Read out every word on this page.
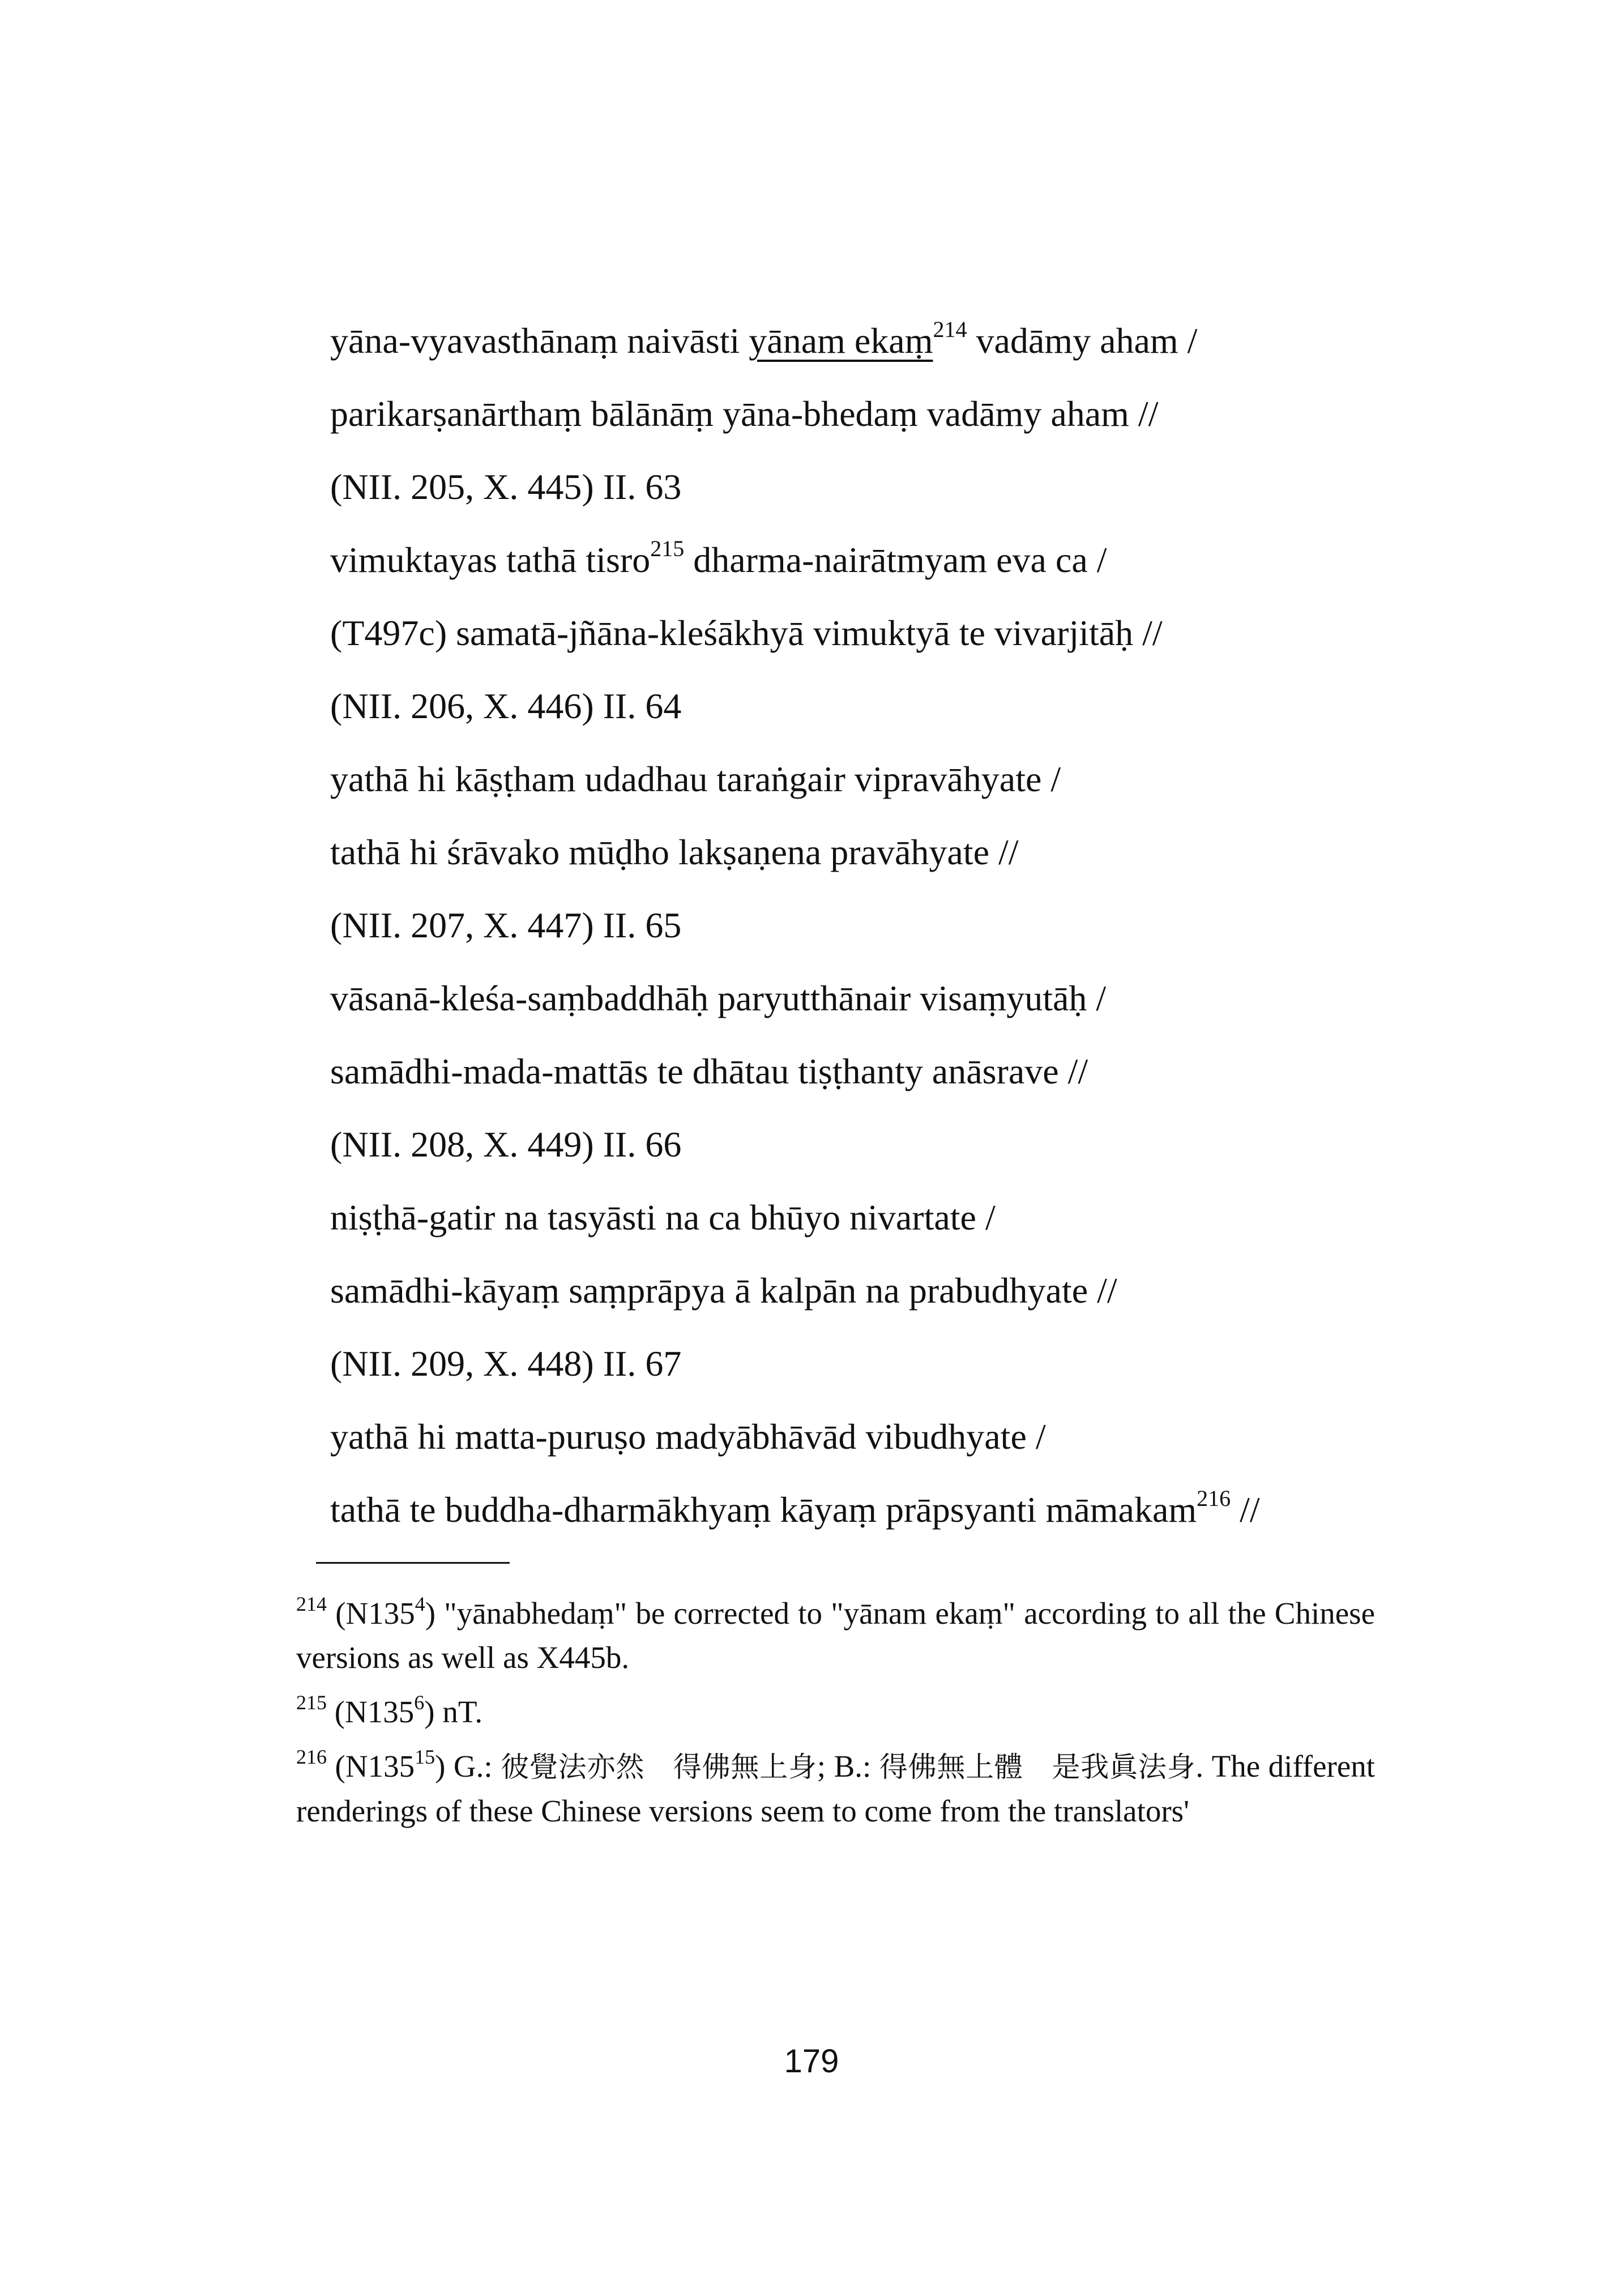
yāna-vyavasthānaṃ naivāsti yānam ekaṃ$^{214}$ vadāmy aham /
parikarṣanārthaṃ bālānāṃ yāna-bhedaṃ vadāmy aham //
(NII. 205, X. 445) II. 63
vimuktayas tathā tisro$^{215}$ dharma-nairātmyam eva ca /
(T497c) samatā-jñāna-kleśākhyā vimuktyā te vivarjitāḥ //
(NII. 206, X. 446) II. 64
yathā hi kāṣṭham udadhau taraṅgair vipravāhyate /
tathā hi śrāvako mūḍho lakṣaṇena pravāhyate //
(NII. 207, X. 447) II. 65
vāsanā-kleśa-saṃbaddhāḥ paryutthānair visaṃyutāḥ /
samādhi-mada-mattās te dhātau tiṣṭhanty anāsrave //
(NII. 208, X. 449) II. 66
niṣṭhā-gatir na tasyāsti na ca bhūyo nivartate /
samādhi-kāyaṃ saṃprāpya ā kalpān na prabudhyate //
(NII. 209, X. 448) II. 67
yathā hi matta-puruṣo madyābhāvād vibudhyate /
tathā te buddha-dharmākhyaṃ kāyaṃ prāpsyanti māmakam$^{216}$ //

$^{214}$ $(N135^4)$ "yānabhedaṃ" be corrected to "yānam ekaṃ" according to all the Chinese versions as well as X445b.

$^{215}$ $(N135^6)$ nT.

$^{216}$ $(N135^{15})$ G.: 彼覺法亦然　得佛無上身; B.: 得佛無上體　是我眞法身. The different renderings of these Chinese versions seem to come from the translators'

179
